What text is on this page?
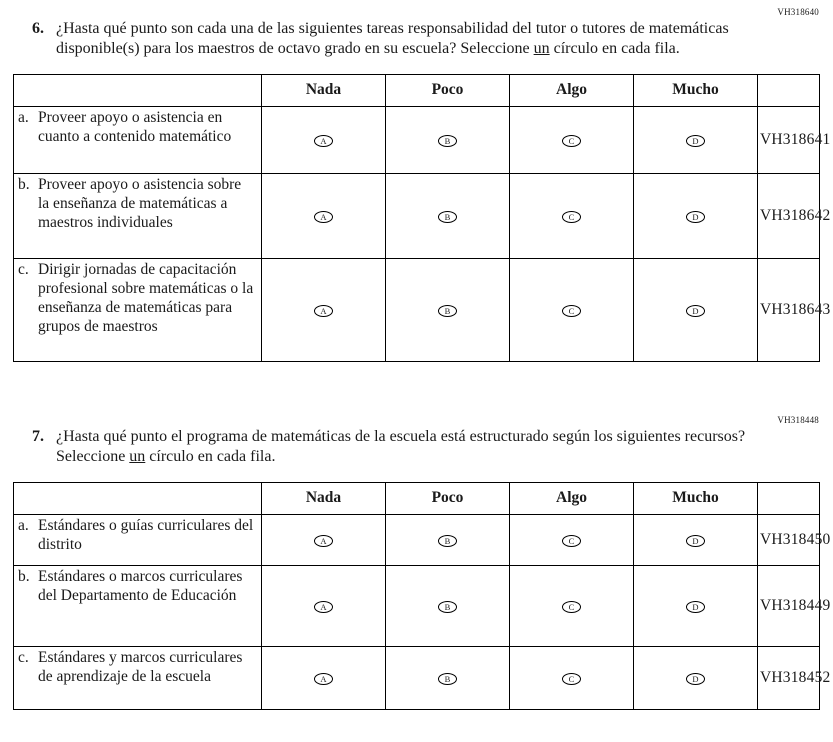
VH318640
6. ¿Hasta qué punto son cada una de las siguientes tareas responsabilidad del tutor o tutores de matemáticas disponible(s) para los maestros de octavo grado en su escuela? Seleccione un círculo en cada fila.
	Nada	Poco	Algo	Mucho	

a. Proveer apoyo o asistencia en cuanto a contenido matemático	A	B	C	D	VH318641

b. Proveer apoyo o asistencia sobre la enseñanza de matemáticas a maestros individuales	A	B	C	D	VH318642

c. Dirigir jornadas de capacitación profesional sobre matemáticas o la enseñanza de matemáticas para grupos de maestros	A	B	C	D	VH318643
VH318448
7. ¿Hasta qué punto el programa de matemáticas de la escuela está estructurado según los siguientes recursos? Seleccione un círculo en cada fila.
	Nada	Poco	Algo	Mucho	

a. Estándares o guías curriculares del distrito	A	B	C	D	VH318450

b. Estándares o marcos curriculares del Departamento de Educación	A	B	C	D	VH318449

c. Estándares y marcos curriculares de aprendizaje de la escuela	A	B	C	D	VH318452
